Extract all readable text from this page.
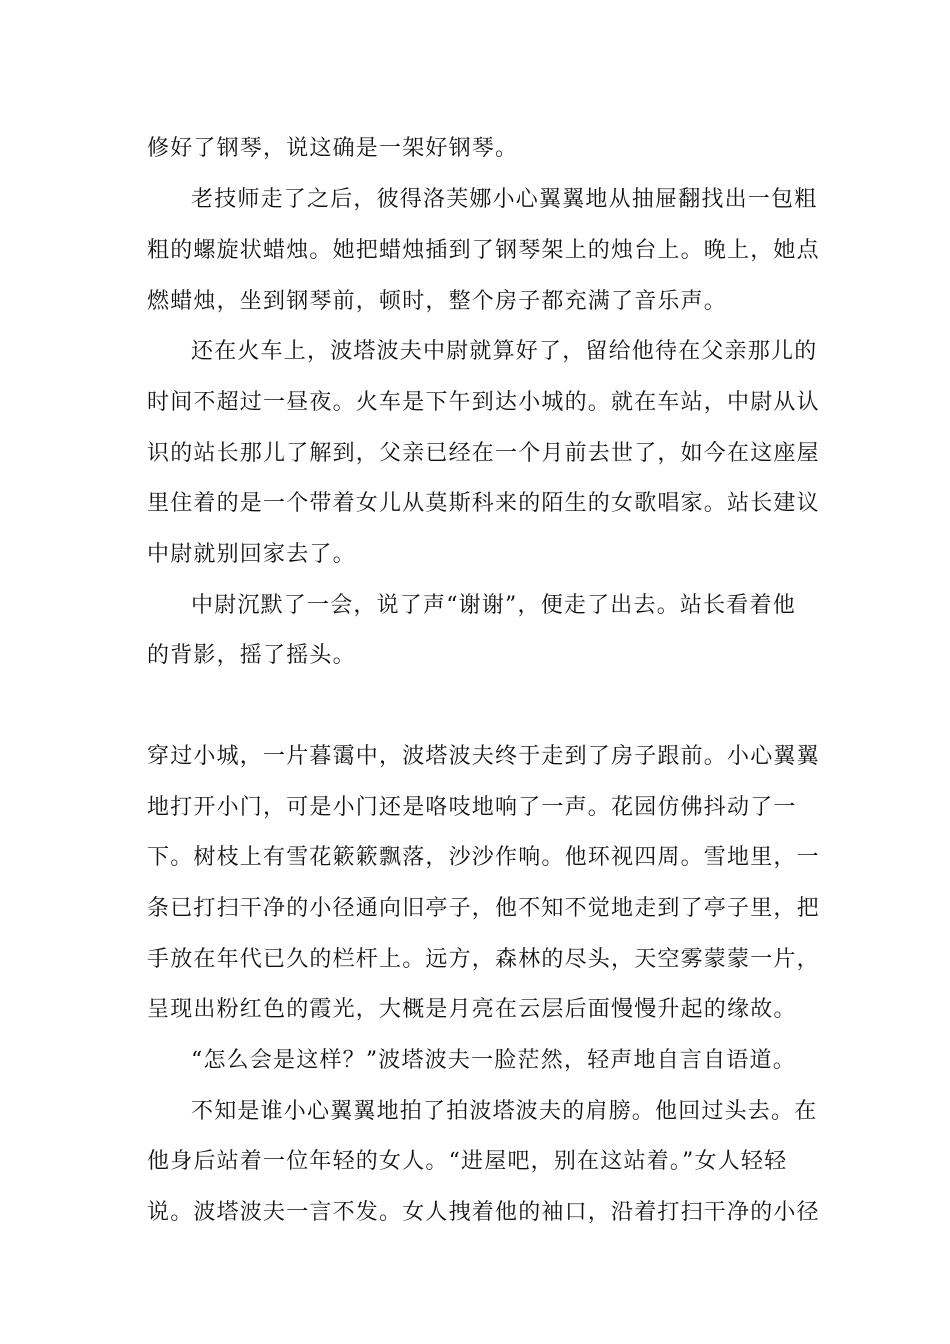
修好了钢琴，说这确是一架好钢琴。
老技师走了之后，彼得洛芙娜小心翼翼地从抽屉翻找出一包粗
粗的螺旋状蜡烛。她把蜡烛插到了钢琴架上的烛台上。晚上，她点
燃蜡烛，坐到钢琴前，顿时，整个房子都充满了音乐声。
还在火车上，波塔波夫中尉就算好了，留给他待在父亲那儿的
时间不超过一昼夜。火车是下午到达小城的。就在车站，中尉从认
识的站长那儿了解到，父亲已经在一个月前去世了，如今在这座屋
里住着的是一个带着女儿从莫斯科来的陌生的女歌唱家。站长建议
中尉就别回家去了。
中尉沉默了一会，说了声“谢谢”，便走了出去。站长看着他
的背影，摇了摇头。
穿过小城，一片暮霭中，波塔波夫终于走到了房子跟前。小心翼翼
地打开小门，可是小门还是咯吱地响了一声。花园仿佛抖动了一
下。树枝上有雪花簌簌飘落，沙沙作响。他环视四周。雪地里，一
条已打扫干净的小径通向旧亭子，他不知不觉地走到了亭子里，把
手放在年代已久的栏杆上。远方，森林的尽头，天空雾蒙蒙一片，
呈现出粉红色的霞光，大概是月亮在云层后面慢慢升起的缘故。
“怎么会是这样？”波塔波夫一脸茫然，轻声地自言自语道。
不知是谁小心翼翼地拍了拍波塔波夫的肩膀。他回过头去。在
他身后站着一位年轻的女人。“进屋吧，别在这站着。”女人轻轻
说。波塔波夫一言不发。女人拽着他的袖口，沿着打扫干净的小径
